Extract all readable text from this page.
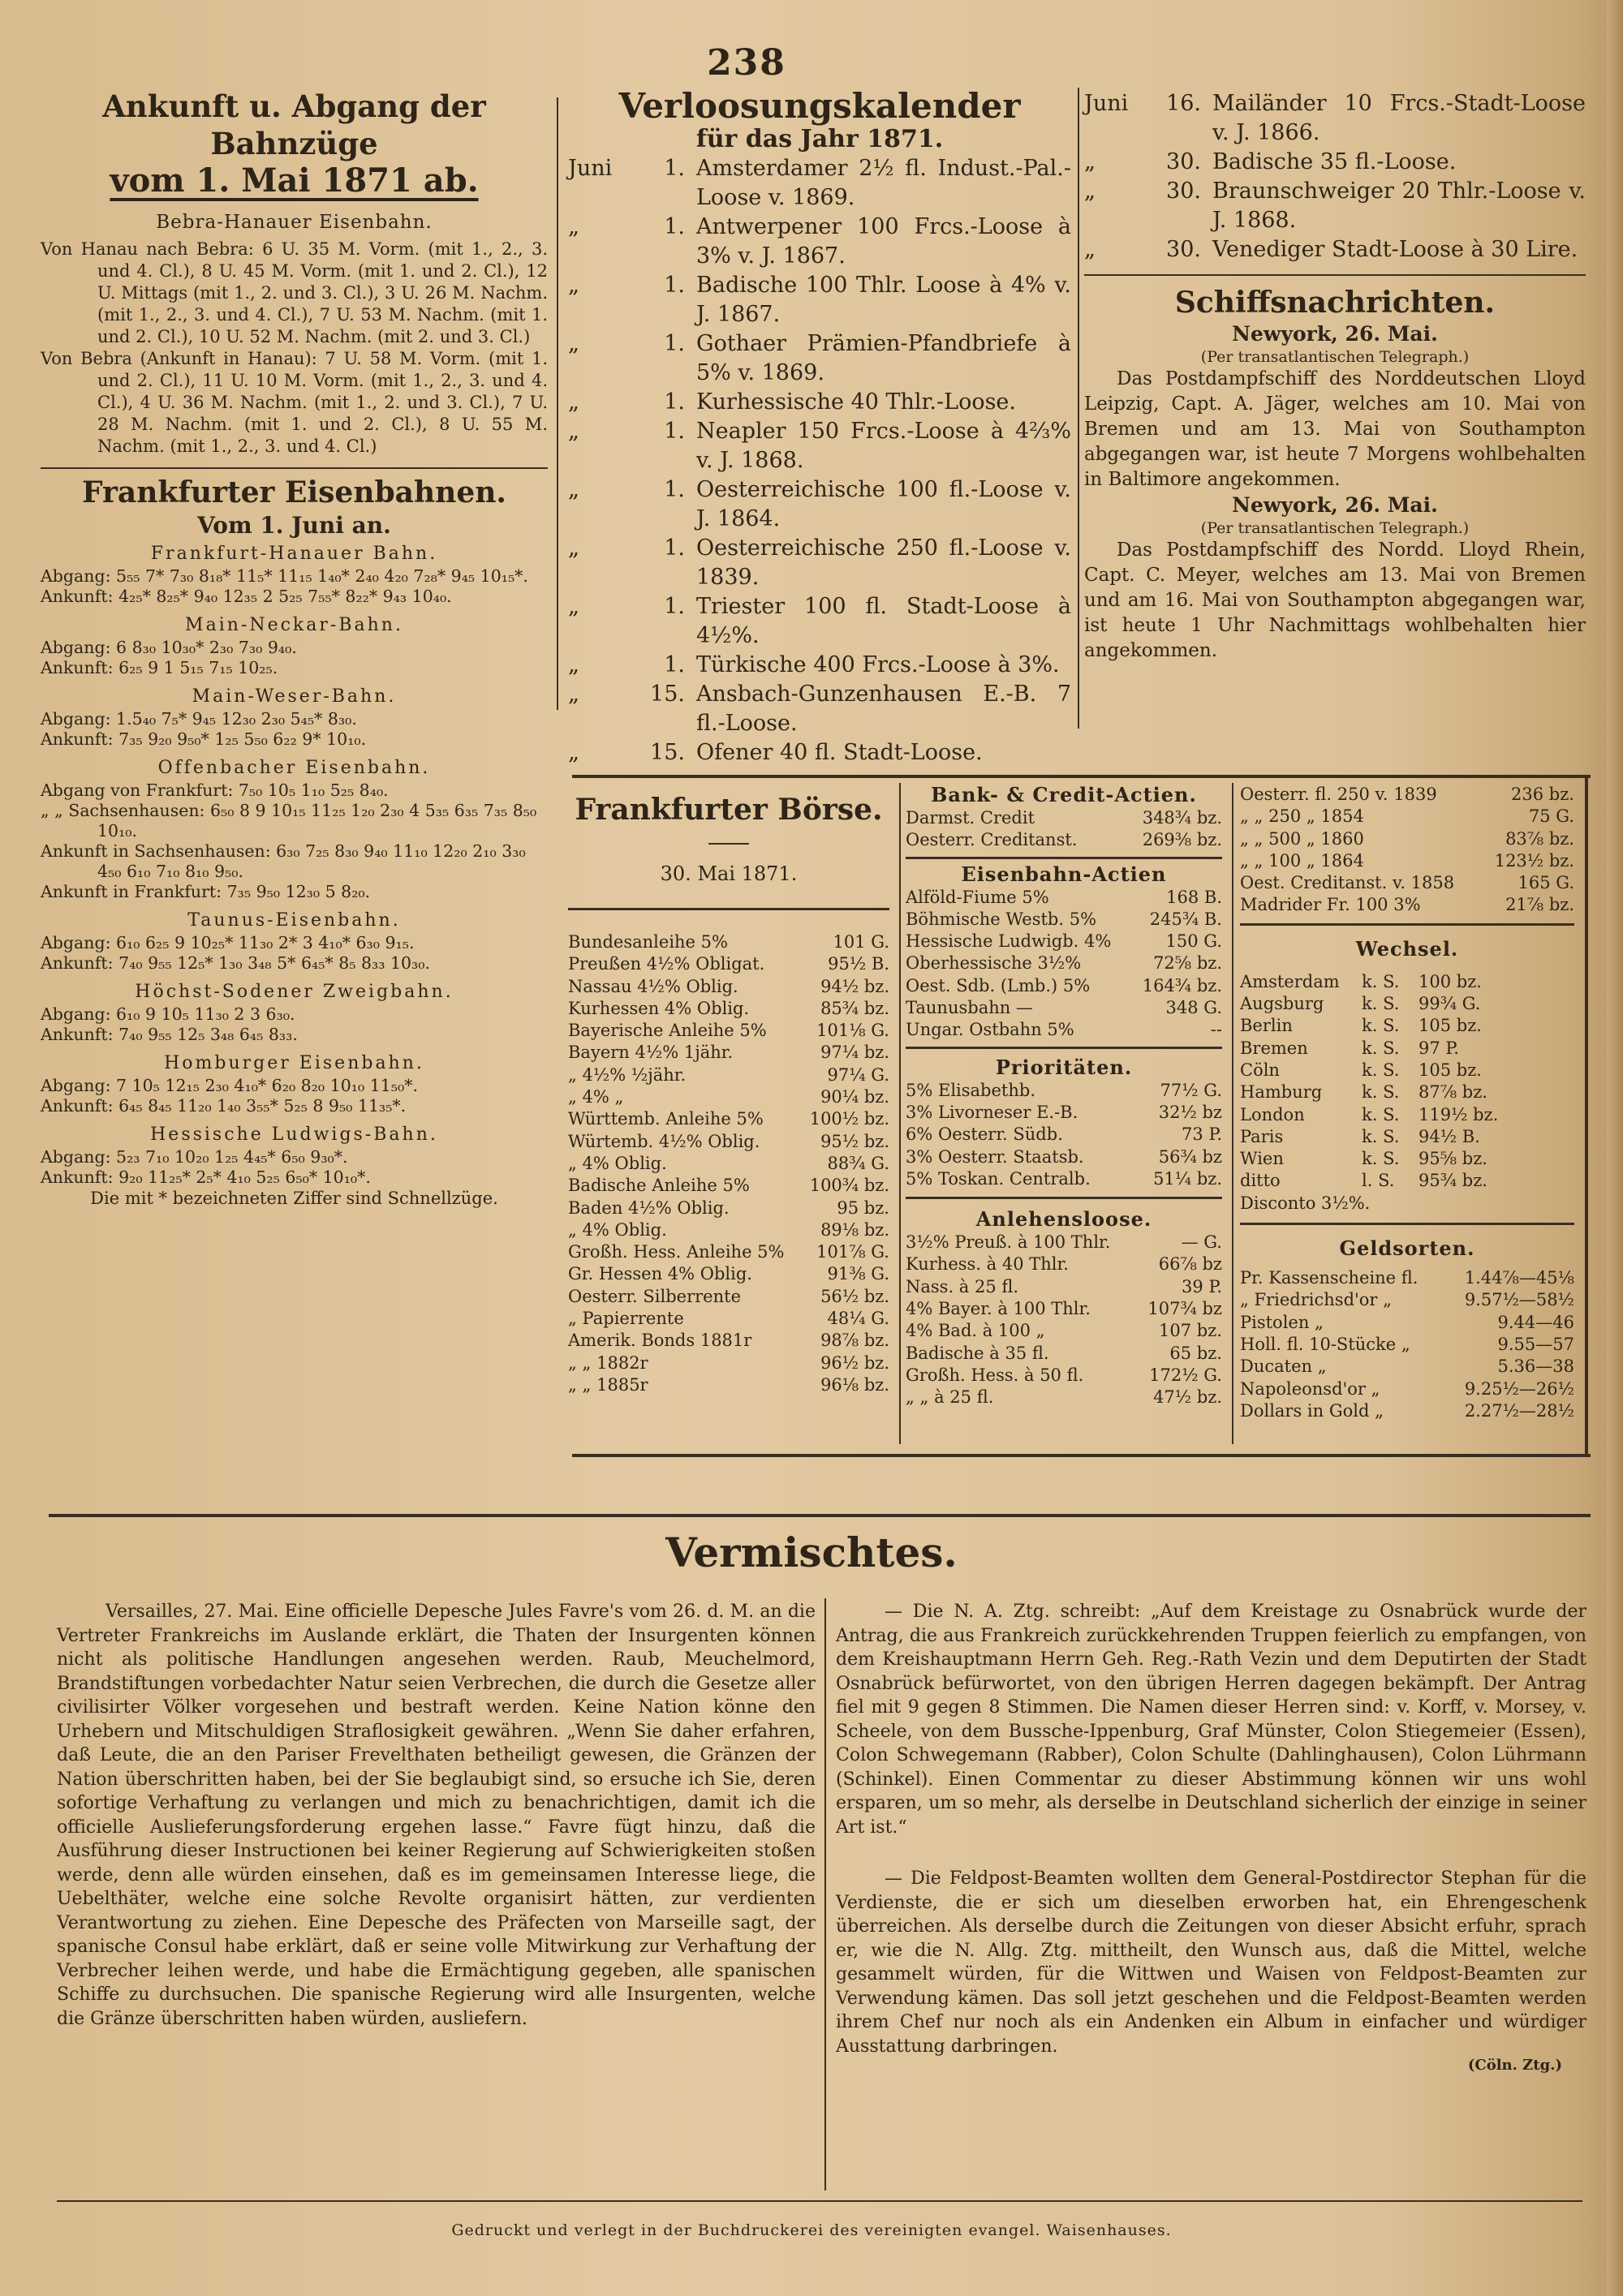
238
Ankunft u. Abgang der Bahnzüge
vom 1. Mai 1871 ab.
Bebra-Hanauer Eisenbahn.

Von Hanau nach Bebra: 6 U. 35 M. Vorm. (mit 1., 2., 3. und 4. Cl.), 8 U. 45 M. Vorm. (mit 1. und 2. Cl.), 12 U. Mittags (mit 1., 2. und 3. Cl.), 3 U. 26 M. Nachm. (mit 1., 2., 3. und 4. Cl.), 7 U. 53 M. Nachm. (mit 1. und 2. Cl.), 10 U. 52 M. Nachm. (mit 2. und 3. Cl.)

Von Bebra (Ankunft in Hanau): 7 U. 58 M. Vorm. (mit 1. und 2. Cl.), 11 U. 10 M. Vorm. (mit 1., 2., 3. und 4. Cl.), 4 U. 36 M. Nachm. (mit 1., 2. und 3. Cl.), 7 U. 28 M. Nachm. (mit 1. und 2. Cl.), 8 U. 55 M. Nachm. (mit 1., 2., 3. und 4. Cl.)

Frankfurter Eisenbahnen.
Vom 1. Juni an.
Frankfurt-Hanauer Bahn.

Abgang: 5₅₅ 7* 7₃₀ 8₁₈* 11₅* 11₁₅ 1₄₀* 2₄₀ 4₂₀ 7₂₈* 9₄₅ 10₁₅*.

Ankunft: 4₂₅* 8₂₅* 9₄₀ 12₃₅ 2 5₂₅ 7₅₅* 8₂₂* 9₄₃ 10₄₀.

Main-Neckar-Bahn.

Abgang: 6 8₃₀ 10₃₀* 2₃₀ 7₃₀ 9₄₀.

Ankunft: 6₂₅ 9 1 5₁₅ 7₁₅ 10₂₅.

Main-Weser-Bahn.

Abgang: 1.5₄₀ 7₅* 9₄₅ 12₃₀ 2₃₀ 5₄₅* 8₃₀.

Ankunft: 7₃₅ 9₂₀ 9₅₀* 1₂₅ 5₅₀ 6₂₂ 9* 10₁₀.

Offenbacher Eisenbahn.

Abgang von Frankfurt: 7₅₀ 10₅ 1₁₀ 5₂₅ 8₄₀.

„ „ Sachsenhausen: 6₅₀ 8 9 10₁₅ 11₂₅ 1₂₀ 2₃₀ 4 5₃₅ 6₃₅ 7₃₅ 8₅₀ 10₁₀.

Ankunft in Sachsenhausen: 6₃₀ 7₂₅ 8₃₀ 9₄₀ 11₁₀ 12₂₀ 2₁₀ 3₃₀ 4₅₀ 6₁₀ 7₁₀ 8₁₀ 9₅₀.

Ankunft in Frankfurt: 7₃₅ 9₅₀ 12₃₀ 5 8₂₀.

Taunus-Eisenbahn.

Abgang: 6₁₀ 6₂₅ 9 10₂₅* 11₃₀ 2* 3 4₁₀* 6₃₀ 9₁₅.

Ankunft: 7₄₀ 9₅₅ 12₅* 1₃₀ 3₄₈ 5* 6₄₅* 8₅ 8₃₃ 10₃₀.

Höchst-Sodener Zweigbahn.

Abgang: 6₁₀ 9 10₅ 11₃₀ 2 3 6₃₀.

Ankunft: 7₄₀ 9₅₅ 12₅ 3₄₈ 6₄₅ 8₃₃.

Homburger Eisenbahn.

Abgang: 7 10₅ 12₁₅ 2₃₀ 4₁₀* 6₂₀ 8₂₀ 10₁₀ 11₅₀*.

Ankunft: 6₄₅ 8₄₅ 11₂₀ 1₄₀ 3₅₅* 5₂₅ 8 9₅₀ 11₃₅*.

Hessische Ludwigs-Bahn.

Abgang: 5₂₃ 7₁₀ 10₂₀ 1₂₅ 4₄₅* 6₅₀ 9₃₀*.

Ankunft: 9₂₀ 11₂₅* 2₅* 4₁₀ 5₂₅ 6₅₀* 10₁₀*.

Die mit * bezeichneten Ziffer sind Schnellzüge.
Verloosungskalender
für das Jahr 1871.
Juni	1. Amsterdamer 2½ fl. Indust.-Pal.-Loose v. 1869.
„	1. Antwerpener 100 Frcs.-Loose à 3% v. J. 1867.
„	1. Badische 100 Thlr. Loose à 4% v. J. 1867.
„	1. Gothaer Prämien-Pfandbriefe à 5% v. 1869.
„	1. Kurhessische 40 Thlr.-Loose.
„	1. Neapler 150 Frcs.-Loose à 4⅔% v. J. 1868.
„	1. Oesterreichische 100 fl.-Loose v. J. 1864.
„	1. Oesterreichische 250 fl.-Loose v. 1839.
„	1. Triester 100 fl. Stadt-Loose à 4½%.
„	1. Türkische 400 Frcs.-Loose à 3%.
„	15. Ansbach-Gunzenhausen E.-B. 7 fl.-Loose.
„	15. Ofener 40 fl. Stadt-Loose.
Juni	16. Mailänder 10 Frcs.-Stadt-Loose v. J. 1866.
„	30. Badische 35 fl.-Loose.
„	30. Braunschweiger 20 Thlr.-Loose v. J. 1868.
„	30. Venediger Stadt-Loose à 30 Lire.
Schiffsnachrichten.
Newyork, 26. Mai.
(Per transatlantischen Telegraph.)

Das Postdampfschiff des Norddeutschen Lloyd Leipzig, Capt. A. Jäger, welches am 10. Mai von Bremen und am 13. Mai von Southampton abgegangen war, ist heute 7 Morgens wohlbehalten in Baltimore angekommen.

Newyork, 26. Mai.
(Per transatlantischen Telegraph.)

Das Postdampfschiff des Nordd. Lloyd Rhein, Capt. C. Meyer, welches am 13. Mai von Bremen und am 16. Mai von Southampton abgegangen war, ist heute 1 Uhr Nachmittags wohlbehalten hier angekommen.

Frankfurter Börse.
30. Mai 1871.
Bundesanleihe 5%	101 G.
Preußen 4½% Obligat.	95½ B.
Nassau 4½% Oblig.	94½ bz.
Kurhessen 4% Oblig.	85¾ bz.
Bayerische Anleihe 5%	101⅛ G.
Bayern 4½% 1jähr.	97¼ bz.
„ 4½% ½jähr.	97¼ G.
„ 4% „	90¼ bz.
Württemb. Anleihe 5%	100½ bz.
Würtemb. 4½% Oblig.	95½ bz.
„ 4% Oblig.	88¾ G.
Badische Anleihe 5%	100¾ bz.
Baden 4½% Oblig.	95 bz.
„ 4% Oblig.	89⅛ bz.
Großh. Hess. Anleihe 5%	101⅞ G.
Gr. Hessen 4% Oblig.	91⅜ G.
Oesterr. Silberrente	56½ bz.
„ Papierrente	48¼ G.
Amerik. Bonds 1881r	98⅞ bz.
„ „ 1882r	96½ bz.
„ „ 1885r	96⅛ bz.
Bank- & Credit-Actien.
Darmst. Credit	348¾ bz.
Oesterr. Creditanst.	269⅜ bz.
Eisenbahn-Actien
Alföld-Fiume 5%	168 B.
Böhmische Westb. 5%	245¾ B.
Hessische Ludwigb. 4%	150 G.
Oberhessische 3½%	72⅝ bz.
Oest. Sdb. (Lmb.) 5%	164¾ bz.
Taunusbahn —	348 G.
Ungar. Ostbahn 5%	--
Prioritäten.
5% Elisabethb.	77½ G.
3% Livorneser E.-B.	32½ bz
6% Oesterr. Südb.	73 P.
3% Oesterr. Staatsb.	56¾ bz
5% Toskan. Centralb.	51¼ bz.
Anlehensloose.
3½% Preuß. à 100 Thlr.	— G.
Kurhess. à 40 Thlr.	66⅞ bz
Nass. à 25 fl.	39 P.
4% Bayer. à 100 Thlr.	107¾ bz
4% Bad. à 100 „	107 bz.
Badische à 35 fl.	65 bz.
Großh. Hess. à 50 fl.	172½ G.
„ „ à 25 fl.	47½ bz.
Oesterr. fl. 250 v. 1839	236 bz.
„ „ 250 „ 1854	75 G.
„ „ 500 „ 1860	83⅞ bz.
„ „ 100 „ 1864	123½ bz.
Oest. Creditanst. v. 1858	165 G.
Madrider Fr. 100 3%	21⅞ bz.
Wechsel.
Amsterdam	k. S.	100 bz.
Augsburg	k. S.	99¾ G.
Berlin	k. S.	105 bz.
Bremen	k. S.	97 P.
Cöln	k. S.	105 bz.
Hamburg	k. S.	87⅞ bz.
London	k. S.	119½ bz.
Paris	k. S.	94½ B.
Wien	k. S.	95⅝ bz.
ditto	l. S.	95¾ bz.
Disconto 3½%.
Geldsorten.
Pr. Kassenscheine fl.	1.44⅞—45⅛
„ Friedrichsd'or „	9.57½—58½
Pistolen „	9.44—46
Holl. fl. 10-Stücke „	9.55—57
Ducaten „	5.36—38
Napoleonsd'or „	9.25½—26½
Dollars in Gold „	2.27½—28½
Vermischtes.

Versailles, 27. Mai. Eine officielle Depesche Jules Favre's vom 26. d. M. an die Vertreter Frankreichs im Auslande erklärt, die Thaten der Insurgenten können nicht als politische Handlungen angesehen werden. Raub, Meuchelmord, Brandstiftungen vorbedachter Natur seien Verbrechen, die durch die Gesetze aller civilisirter Völker vorgesehen und bestraft werden. Keine Nation könne den Urhebern und Mitschuldigen Straflosigkeit gewähren. „Wenn Sie daher erfahren, daß Leute, die an den Pariser Frevelthaten betheiligt gewesen, die Gränzen der Nation überschritten haben, bei der Sie beglaubigt sind, so ersuche ich Sie, deren sofortige Verhaftung zu verlangen und mich zu benachrichtigen, damit ich die officielle Auslieferungsforderung ergehen lasse.“ Favre fügt hinzu, daß die Ausführung dieser Instructionen bei keiner Regierung auf Schwierigkeiten stoßen werde, denn alle würden einsehen, daß es im gemeinsamen Interesse liege, die Uebelthäter, welche eine solche Revolte organisirt hätten, zur verdienten Verantwortung zu ziehen. Eine Depesche des Präfecten von Marseille sagt, der spanische Consul habe erklärt, daß er seine volle Mitwirkung zur Verhaftung der Verbrecher leihen werde, und habe die Ermächtigung gegeben, alle spanischen Schiffe zu durchsuchen. Die spanische Regierung wird alle Insurgenten, welche die Gränze überschritten haben würden, ausliefern.

— Die N. A. Ztg. schreibt: „Auf dem Kreistage zu Osnabrück wurde der Antrag, die aus Frankreich zurückkehrenden Truppen feierlich zu empfangen, von dem Kreishauptmann Herrn Geh. Reg.-Rath Vezin und dem Deputirten der Stadt Osnabrück befürwortet, von den übrigen Herren dagegen bekämpft. Der Antrag fiel mit 9 gegen 8 Stimmen. Die Namen dieser Herren sind: v. Korff, v. Morsey, v. Scheele, von dem Bussche-Ippenburg, Graf Münster, Colon Stiegemeier (Essen), Colon Schwegemann (Rabber), Colon Schulte (Dahlinghausen), Colon Lührmann (Schinkel). Einen Commentar zu dieser Abstimmung können wir uns wohl ersparen, um so mehr, als derselbe in Deutschland sicherlich der einzige in seiner Art ist.“

— Die Feldpost-Beamten wollten dem General-Postdirector Stephan für die Verdienste, die er sich um dieselben erworben hat, ein Ehrengeschenk überreichen. Als derselbe durch die Zeitungen von dieser Absicht erfuhr, sprach er, wie die N. Allg. Ztg. mittheilt, den Wunsch aus, daß die Mittel, welche gesammelt würden, für die Wittwen und Waisen von Feldpost-Beamten zur Verwendung kämen. Das soll jetzt geschehen und die Feldpost-Beamten werden ihrem Chef nur noch als ein Andenken ein Album in einfacher und würdiger Ausstattung darbringen.

(Cöln. Ztg.)
Gedruckt und verlegt in der Buchdruckerei des vereinigten evangel. Waisenhauses.
